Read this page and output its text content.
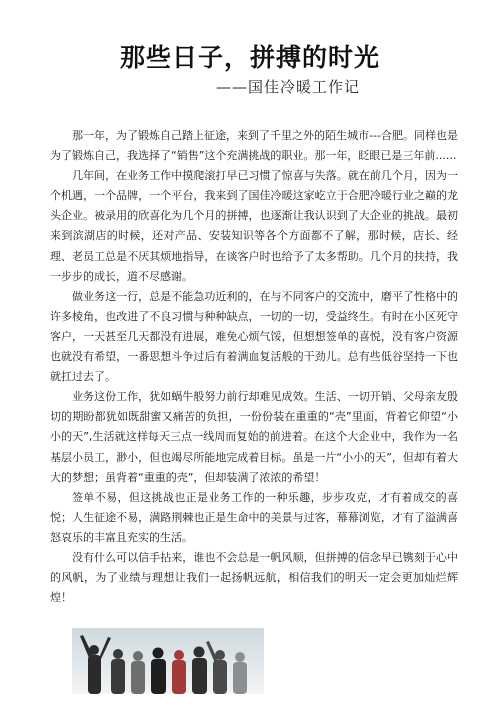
那些日子，拼搏的时光
——国佳冷暖工作记

那一年，为了锻炼自己踏上征途，来到了千里之外的陌生城市---合肥。同样也是为了锻炼自己，我选择了“销售”这个充满挑战的职业。那一年，眨眼已是三年前......

几年间，在业务工作中摸爬滚打早已习惯了惊喜与失落。就在前几个月，因为一个机遇，一个品牌，一个平台，我来到了国佳冷暖这家屹立于合肥冷暖行业之巅的龙头企业。被录用的欣喜化为几个月的拼搏，也逐渐让我认识到了大企业的挑战。最初来到滨湖店的时候，还对产品、安装知识等各个方面都不了解，那时候，店长、经理、老员工总是不厌其烦地指导，在谈客户时也给予了太多帮助。几个月的扶持，我一步步的成长，道不尽感谢。

做业务这一行，总是不能急功近利的，在与不同客户的交流中，磨平了性格中的许多棱角，也改进了不良习惯与种种缺点，一切的一切，受益终生。有时在小区死守客户，一天甚至几天都没有进展，难免心烦气馁，但想想签单的喜悦，没有客户资源也就没有希望，一番思想斗争过后有着满血复活般的干劲儿。总有些低谷坚持一下也就扛过去了。

业务这份工作，犹如蜗牛般努力前行却难见成效。生活、一切开销、父母亲友殷切的期盼都犹如既甜蜜又痛苦的负担，一份份装在重重的“壳”里面，背着它仰望“小小的天”,生活就这样每天三点一线周而复始的前进着。在这个大企业中，我作为一名基层小员工，渺小，但也竭尽所能地完成着目标。虽是一片“小小的天”，但却有着大大的梦想；虽背着“重重的壳”，但却装满了浓浓的希望！

签单不易，但这挑战也正是业务工作的一种乐趣，步步攻克，才有着成交的喜悦；人生征途不易，满路荆棘也正是生命中的美景与过客，幕幕浏览，才有了溢满喜怒哀乐的丰富且充实的生活。

没有什么可以信手拈来，谁也不会总是一帆风顺，但拼搏的信念早已镌刻于心中的风帆，为了业绩与理想让我们一起扬帆远航，相信我们的明天一定会更加灿烂辉煌！
